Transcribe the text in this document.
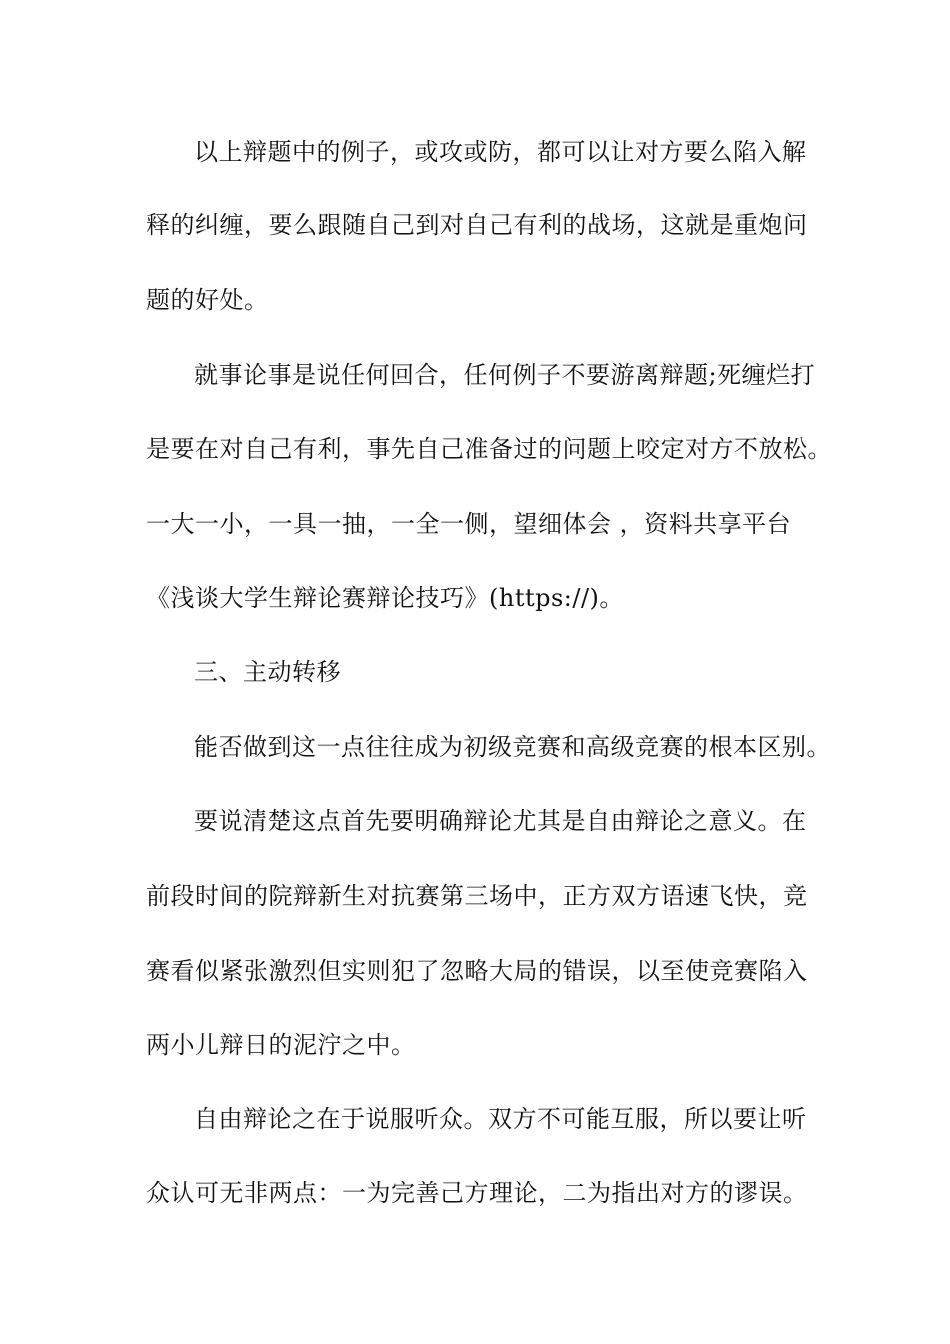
以上辩题中的例子，或攻或防，都可以让对方要么陷入解
释的纠缠，要么跟随自己到对自己有利的战场，这就是重炮问
题的好处。
就事论事是说任何回合，任何例子不要游离辩题;死缠烂打
是要在对自己有利，事先自己准备过的问题上咬定对方不放松。
一大一小，一具一抽，一全一侧，望细体会 ，资料共享平台
《浅谈大学生辩论赛辩论技巧》(https://)。
三、主动转移
能否做到这一点往往成为初级竞赛和高级竞赛的根本区别。
要说清楚这点首先要明确辩论尤其是自由辩论之意义。在
前段时间的院辩新生对抗赛第三场中，正方双方语速飞快，竞
赛看似紧张激烈但实则犯了忽略大局的错误，以至使竞赛陷入
两小儿辩日的泥泞之中。
自由辩论之在于说服听众。双方不可能互服，所以要让听
众认可无非两点：一为完善己方理论，二为指出对方的谬误。
